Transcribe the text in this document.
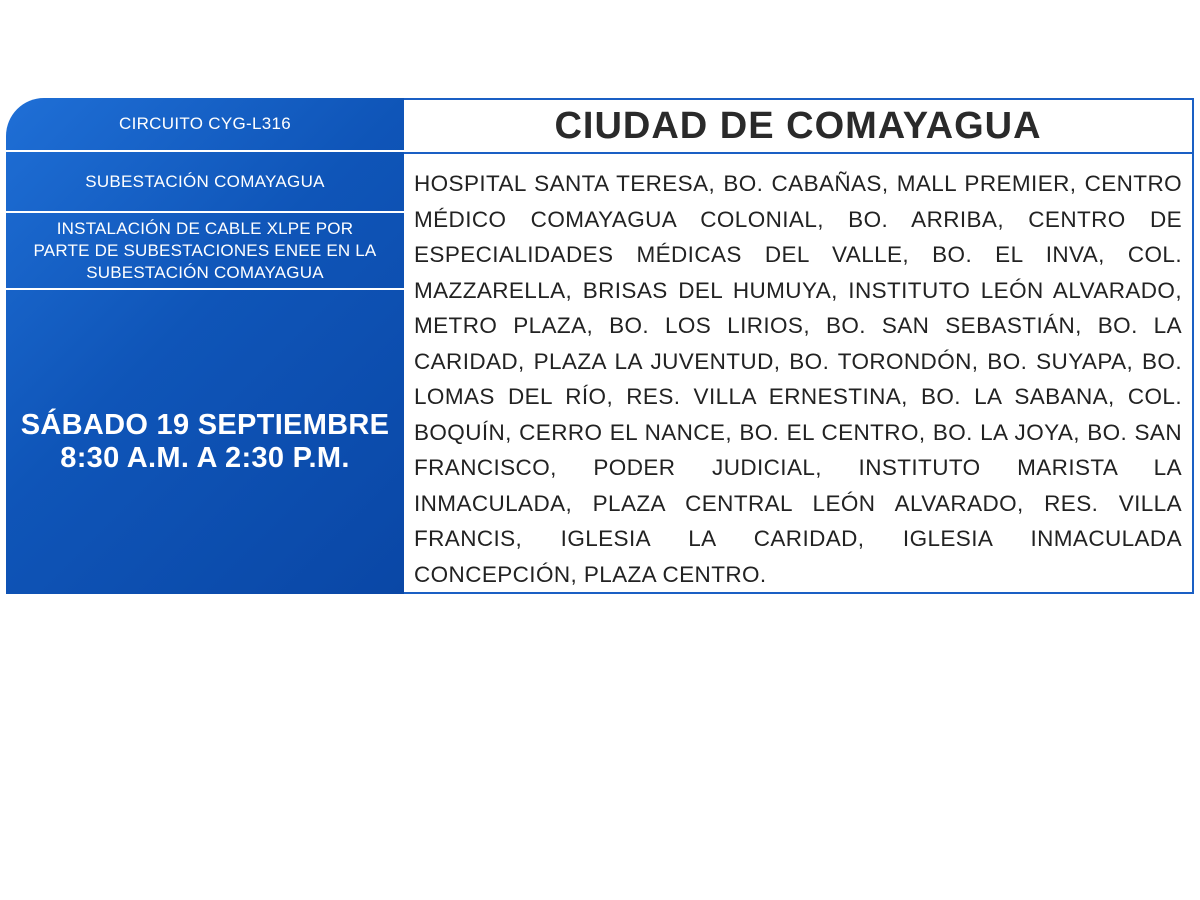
CIRCUITO CYG-L316
SUBESTACIÓN COMAYAGUA
INSTALACIÓN DE CABLE XLPE POR
PARTE DE SUBESTACIONES ENEE EN LA
SUBESTACIÓN COMAYAGUA
SÁBADO 19 SEPTIEMBRE
8:30 A.M. A 2:30 P.M.
CIUDAD DE COMAYAGUA
HOSPITAL SANTA TERESA, BO. CABAÑAS, MALL PREMIER, CENTRO MÉDICO COMAYAGUA COLONIAL, BO. ARRIBA, CENTRO DE ESPECIALIDADES MÉDICAS DEL VALLE, BO. EL INVA, COL. MAZZARELLA, BRISAS DEL HUMUYA, INSTITUTO LEÓN ALVARADO, METRO PLAZA, BO. LOS LIRIOS, BO. SAN SEBASTIÁN, BO. LA CARIDAD, PLAZA LA JUVENTUD, BO. TORONDÓN, BO. SUYAPA, BO. LOMAS DEL RÍO, RES. VILLA ERNESTINA, BO. LA SABANA, COL. BOQUÍN, CERRO EL NANCE, BO. EL CENTRO, BO. LA JOYA, BO. SAN FRANCISCO, PODER JUDICIAL, INSTITUTO MARISTA LA INMACULADA, PLAZA CENTRAL LEÓN ALVARADO, RES. VILLA FRANCIS, IGLESIA LA CARIDAD, IGLESIA INMACULADA CONCEPCIÓN, PLAZA CENTRO.
